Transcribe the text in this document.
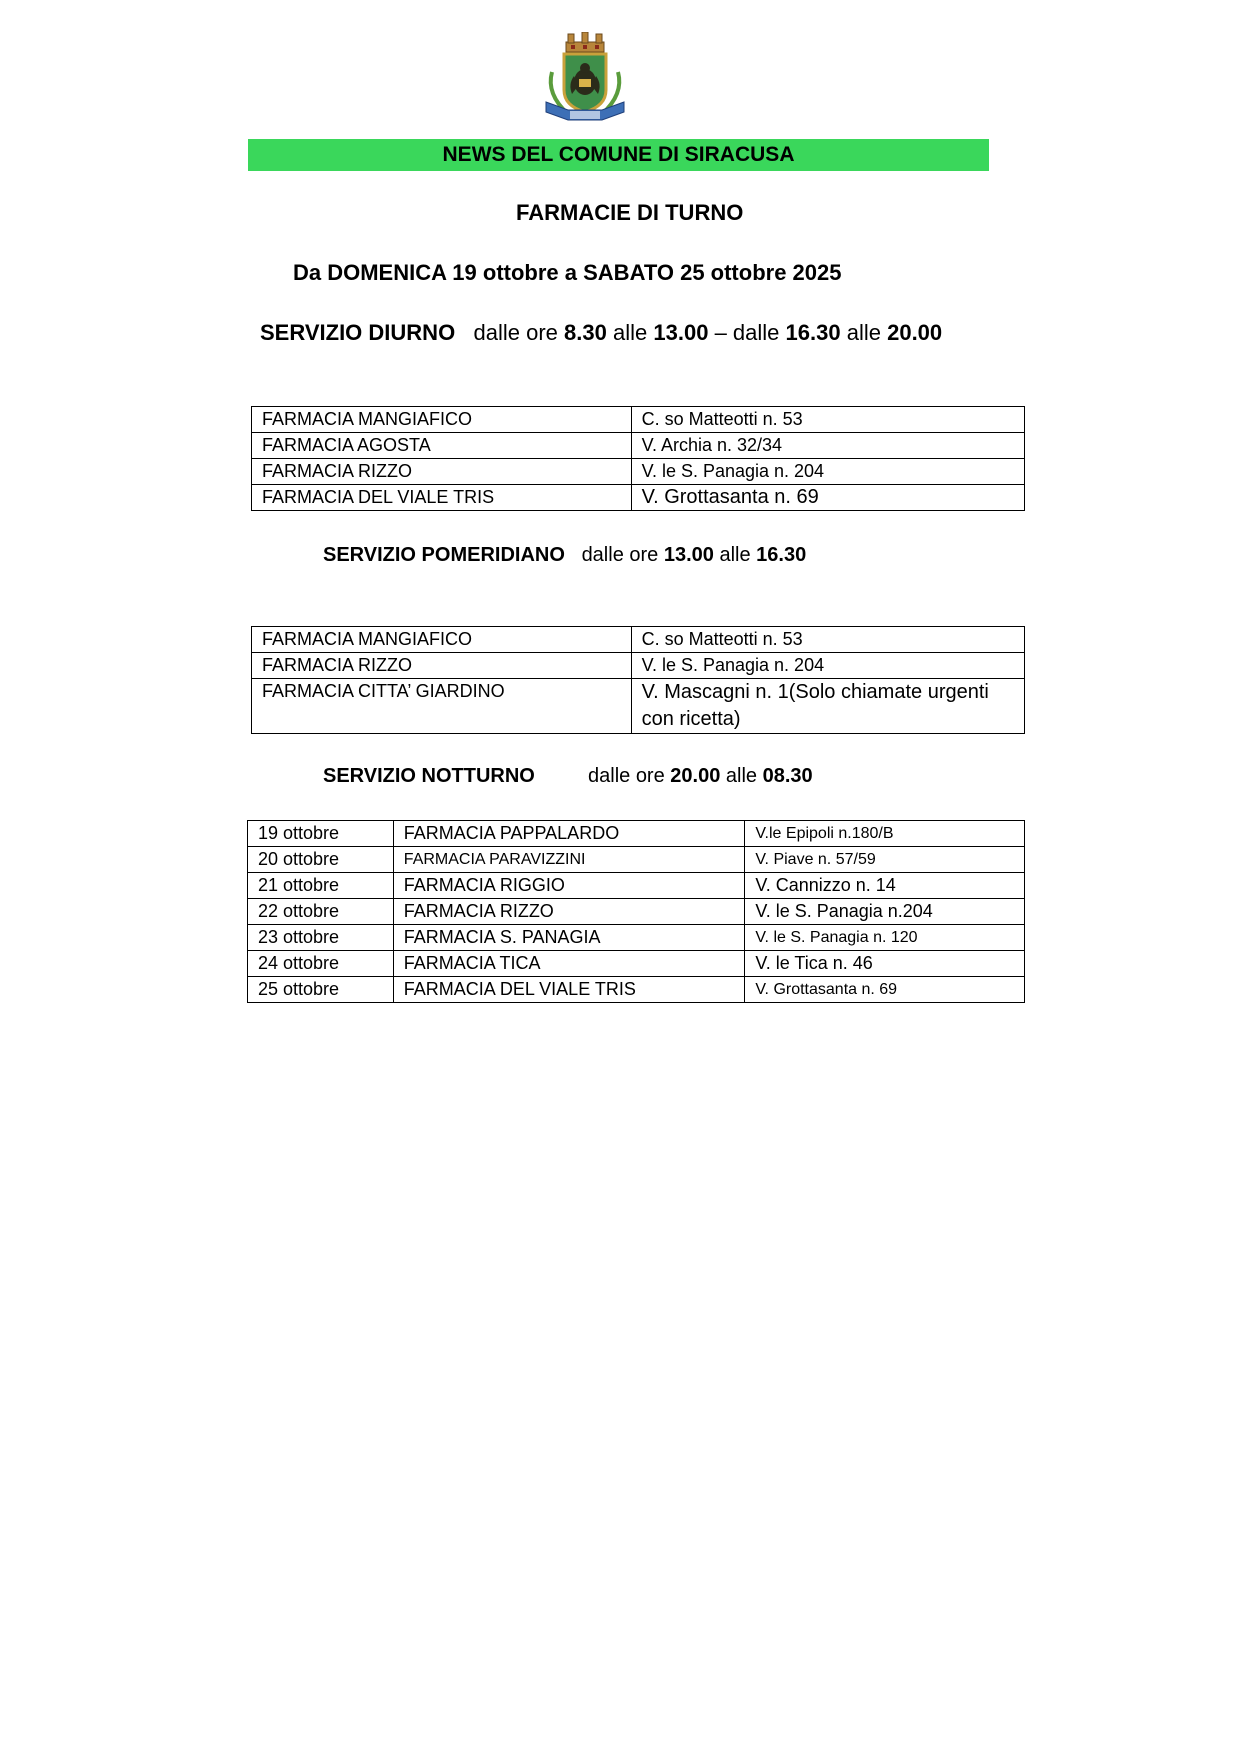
NEWS DEL COMUNE DI SIRACUSA
FARMACIE DI TURNO
Da DOMENICA 19 ottobre a SABATO 25 ottobre 2025
SERVIZIO DIURNO dalle ore 8.30 alle 13.00 – dalle 16.30 alle 20.00
FARMACIA MANGIAFICO	C. so Matteotti n. 53
FARMACIA AGOSTA	V. Archia n. 32/34
FARMACIA RIZZO	V. le S. Panagia n. 204
FARMACIA DEL VIALE TRIS	V. Grottasanta n. 69
SERVIZIO POMERIDIANO dalle ore 13.00 alle 16.30
FARMACIA MANGIAFICO	C. so Matteotti n. 53
FARMACIA RIZZO	V. le S. Panagia n. 204
FARMACIA CITTA’ GIARDINO	V. Mascagni n. 1(Solo chiamate urgenti con ricetta)
SERVIZIO NOTTURNO	dalle ore 20.00 alle 08.30
19 ottobre	FARMACIA PAPPALARDO	V.le Epipoli n.180/B
20 ottobre	FARMACIA PARAVIZZINI	V. Piave n. 57/59
21 ottobre	FARMACIA RIGGIO	V. Cannizzo n. 14
22 ottobre	FARMACIA RIZZO	V. le S. Panagia n.204
23 ottobre	FARMACIA S. PANAGIA	V. le S. Panagia n. 120
24 ottobre	FARMACIA TICA	V. le Tica n. 46
25 ottobre	FARMACIA DEL VIALE TRIS	V. Grottasanta n. 69
